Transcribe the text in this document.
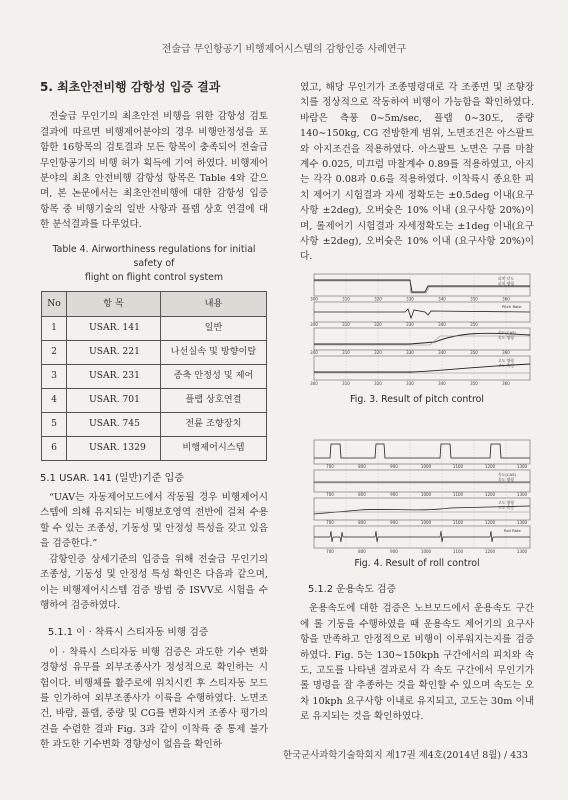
전술급 무인항공기 비행제어시스템의 감항인증 사례연구
5. 최초안전비행 감항성 입증 결과

전술급 무인기의 최초안전 비행을 위한 감항성 검토결과에 따르면 비행제어분야의 경우 비행안정성을 포함한 16항목의 검토결과 모든 항목이 충족되어 전술급 무인항공기의 비행 허가 획득에 기여 하였다. 비행제어분야의 최초 안전비행 감항성 항목은 Table 4와 같으며, 본 논문에서는 최초안전비행에 대한 감항성 입증 항목 중 비행기술의 일반 사항과 플랩 상호 연결에 대한 분석결과를 다루었다.

Table 4. Airworthiness regulations for initial safety of
flight on flight control system
No	항 목	내용
1	USAR. 141	일반
2	USAR. 221	나선실속 및 방향이탈
3	USAR. 231	종축 안정성 및 제어
4	USAR. 701	플랩 상호연결
5	USAR. 745	전륜 조향장치
6	USAR. 1329	비행제어시스템
5.1 USAR. 141 (일반)기준 입증

“UAV는 자동제어모드에서 작동될 경우 비행제어시스템에 의해 유지되는 비행보호영역 전반에 걸쳐 수용할 수 있는 조종성, 기동성 및 안정성 특성을 갖고 있음을 검증한다.”

감항인증 상세기준의 입증을 위해 전술급 무인기의 조종성, 기동성 및 안정성 특성 확인은 다음과 같으며, 이는 비행제어시스템 검증 방법 중 ISVV로 시험을 수행하여 검증하였다.

5.1.1 이 · 착륙시 스티자동 비행 검증

이 · 착륙시 스티자동 비행 검증은 과도한 기수 변화 경향성 유무를 외부조종사가 정성적으로 확인하는 시험이다. 비행체를 활주로에 위치시킨 후 스티자동 모드를 인가하여 외부조종사가 이륙을 수행하였다. 노면조건, 바람, 플랩, 중량 및 CG를 변화시켜 조종사 평가의견을 수렴한 결과 Fig. 3과 같이 이착륙 중 통제 불가한 과도한 기수변화 경향성이 없음을 확인하

였고, 해당 무인기가 조종명령대로 각 조종면 및 조향장치를 정상적으로 작동하여 비행이 가능함을 확인하였다. 바람은 측풍 0∼5m/sec, 플랩 0∼30도, 중량 140∼150kg, CG 전방한계 범위, 노면조건은 아스팔트와 아지조건을 적용하였다. 아스팔트 노면은 구름 마찰계수 0.025, 미끄럼 마찰계수 0.89를 적용하였고, 아지는 각각 0.08과 0.6을 적용하였다. 이착륙시 종요한 피치 제어기 시험결과 자세 정확도는 ±0.5deg 이내(요구사항 ±2deg), 오버슛은 10% 이내 (요구사항 20%)이며, 롤제어기 시험결과 자세정확도는 ±1deg 이내(요구사항 ±2deg), 오버슛은 10% 이내 (요구사항 20%)이다.

피치 각도
피치 명령
Pitch Rate
속도(CAS)
속도 명령
고도 명령
고도 측정
300	310	320	330	340	350	360
300	310	320	330	340	350
300	310	320	330	340	350	360
300	310	320	330	340	350	360
Fig. 3. Result of pitch control
속도(CAS)
속도 명령
고도 명령
고도 측정
Roll Rate
700	800	900	1000	1100	1200	1300
700	800	900	1000	1100	1200	1300
700	800	900	1000	1100	1200	1300
700	800	900	1000	1100	1200	1300
Fig. 4. Result of roll control
5.1.2 운용속도 검증

운용속도에 대한 검증은 노브모드에서 운용속도 구간에 롤 기동을 수행하였을 때 운용속도 제어기의 요구사항을 만족하고 안정적으로 비행이 이루워지는지를 검증하였다. Fig. 5는 130∼150kph 구간에서의 피치와 속도, 고도를 나타낸 결과로서 각 속도 구간에서 무인기가 롤 명령을 잘 추종하는 것을 확인할 수 있으며 속도는 오차 10kph 요구사항 이내로 유지되고, 고도는 30m 이내로 유지되는 것을 확인하였다.

한국군사과학기술학회지 제17권 제4호(2014년 8월) / 433
